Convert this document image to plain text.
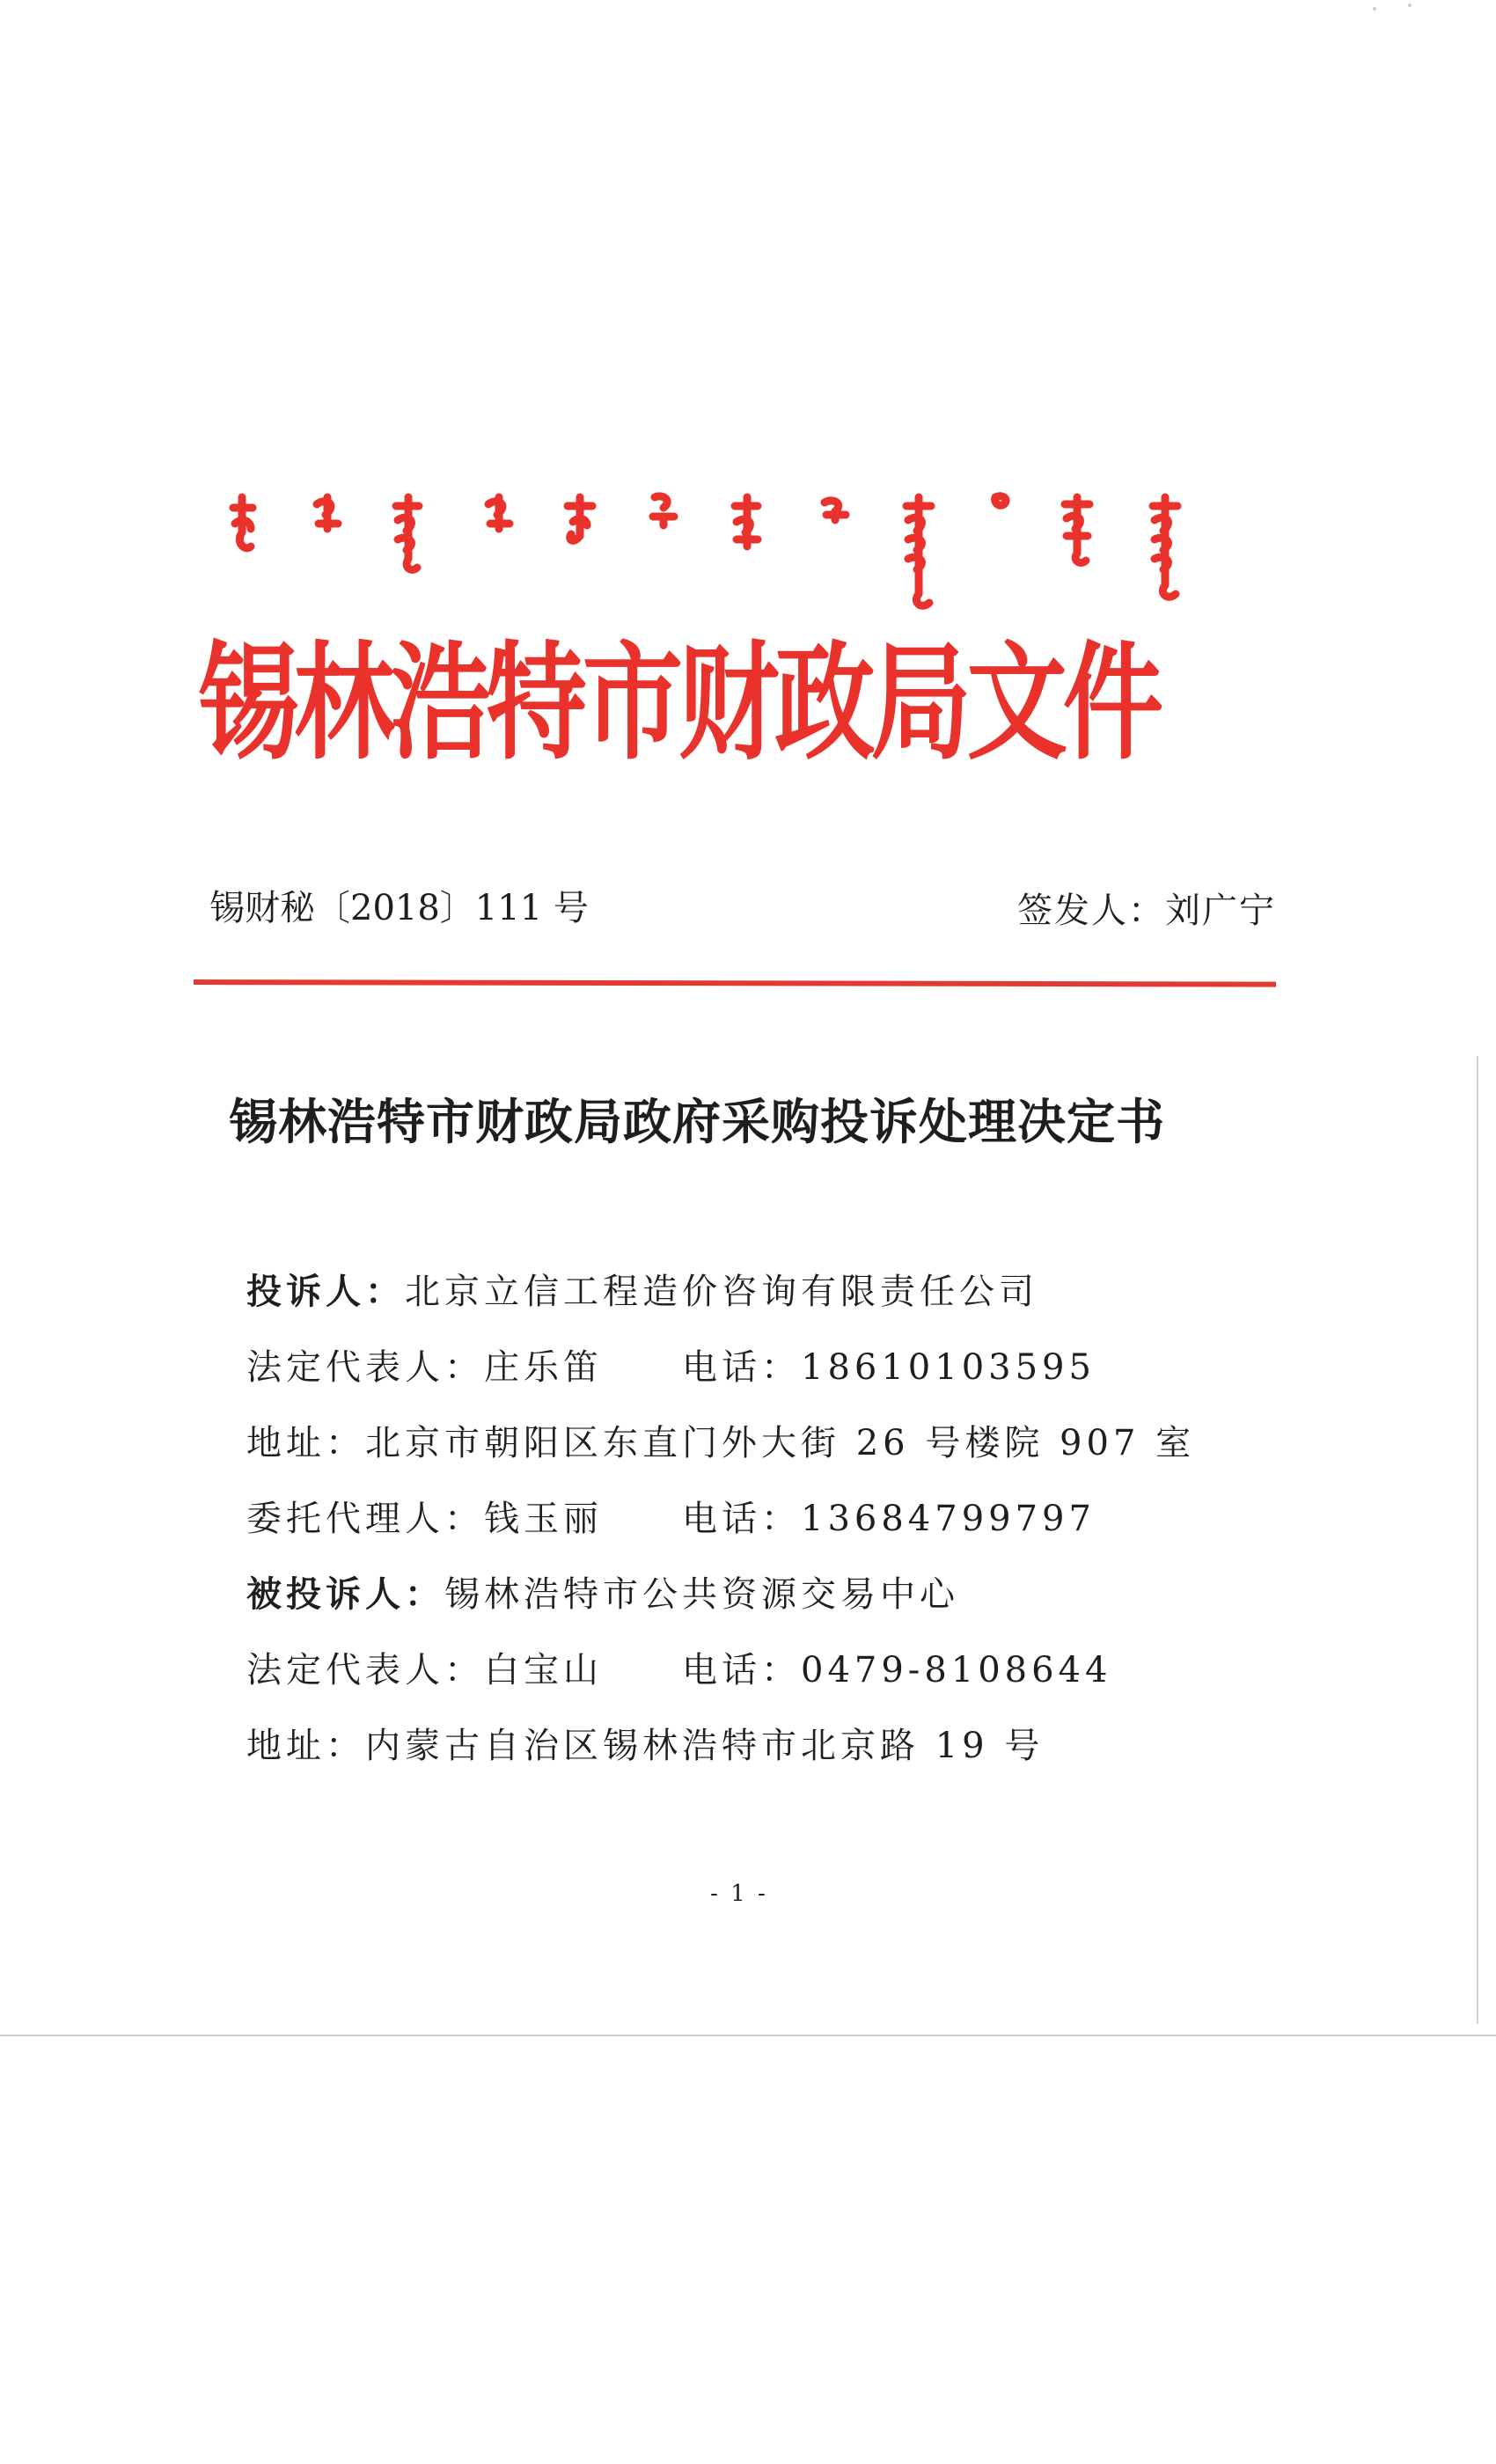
锡林浩特市财政局文件
锡财秘〔2018〕111 号	签发人：刘广宁
锡林浩特市财政局政府采购投诉处理决定书
投诉人：北京立信工程造价咨询有限责任公司
法定代表人：庄乐笛 电话：18610103595
地址：北京市朝阳区东直门外大街 26 号楼院 907 室
委托代理人：钱玉丽 电话：13684799797
被投诉人：锡林浩特市公共资源交易中心
法定代表人：白宝山 电话：0479-8108644
地址：内蒙古自治区锡林浩特市北京路 19 号
- 1 -
